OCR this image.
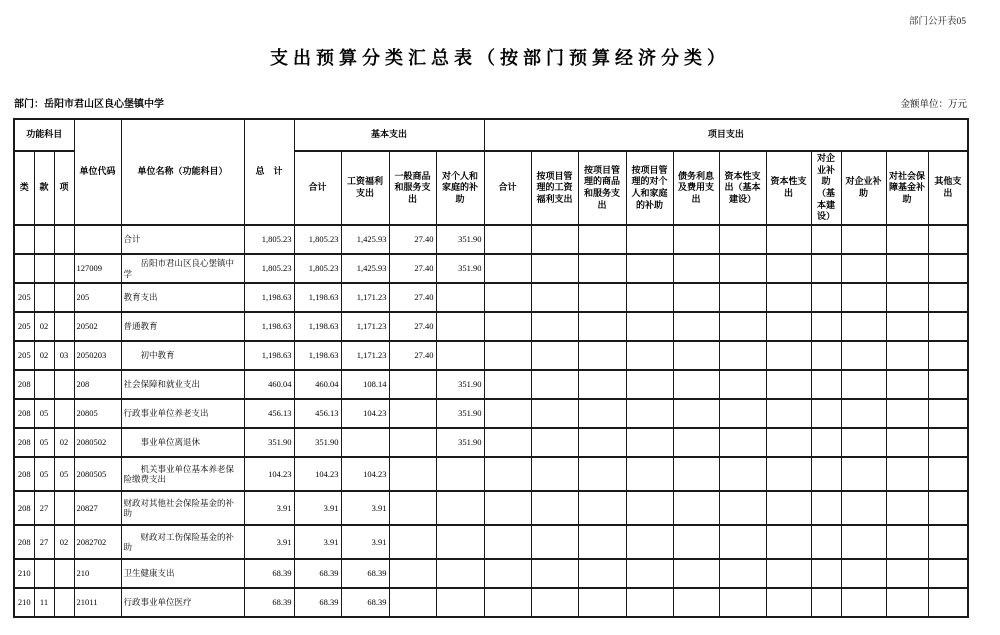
部门公开表05
支出预算分类汇总表（按部门预算经济分类）
部门：岳阳市君山区良心堡镇中学	金额单位：万元
功能科目			单位代码	单位名称（功能科目）	总　计	基本支出				项目支出										
类	款	项				合计	工资福利支出	一般商品和服务支出	对个人和家庭的补助	合计	按项目管理的工资福利支出	按项目管理的商品和服务支出	按项目管理的对个人和家庭的补助	债务利息及费用支出	资本性支出（基本建设）	资本性支出	对企业补助（基本建设）	对企业补助	对社会保障基金补助	其他支出
				合计	1,805.23	1,805.23	1,425.93	27.40	351.90											
			127009	岳阳市君山区良心堡镇中学	1,805.23	1,805.23	1,425.93	27.40	351.90											
205			205	教育支出	1,198.63	1,198.63	1,171.23	27.40												
205	02		20502	普通教育	1,198.63	1,198.63	1,171.23	27.40												
205	02	03	2050203	初中教育	1,198.63	1,198.63	1,171.23	27.40												
208			208	社会保障和就业支出	460.04	460.04	108.14		351.90											
208	05		20805	行政事业单位养老支出	456.13	456.13	104.23		351.90											
208	05	02	2080502	事业单位离退休	351.90	351.90			351.90											
208	05	05	2080505	机关事业单位基本养老保险缴费支出	104.23	104.23	104.23													
208	27		20827	财政对其他社会保险基金的补助	3.91	3.91	3.91													
208	27	02	2082702	财政对工伤保险基金的补助	3.91	3.91	3.91													
210			210	卫生健康支出	68.39	68.39	68.39													
210	11		21011	行政事业单位医疗	68.39	68.39	68.39													
